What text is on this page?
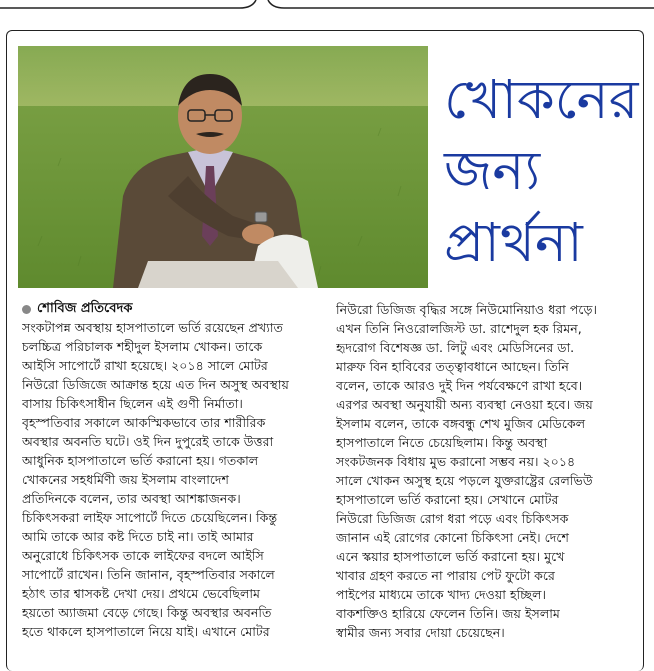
খোকনের
জন্য
প্রার্থনা
শোবিজ প্রতিবেদক
সংকটাপন্ন অবস্থায় হাসপাতালে ভর্তি রয়েছেন প্রখ্যাত
চলচ্চিত্র পরিচালক শহীদুল ইসলাম খোকন। তাকে
আইসি সাপোর্টে রাখা হয়েছে। ২০১৪ সালে মোটর
নিউরো ডিজিজে আক্রান্ত হয়ে এত দিন অসুস্থ অবস্থায়
বাসায় চিকিৎসাধীন ছিলেন এই গুণী নির্মাতা।
বৃহস্পতিবার সকালে আকস্মিকভাবে তার শারীরিক
অবস্থার অবনতি ঘটে। ওই দিন দুপুরেই তাকে উত্তরা
আধুনিক হাসপাতালে ভর্তি করানো হয়। গতকাল
খোকনের সহধর্মিণী জয় ইসলাম বাংলাদেশ
প্রতিদিনকে বলেন, তার অবস্থা আশঙ্কাজনক।
চিকিৎসকরা লাইফ সাপোর্টে দিতে চেয়েছিলেন। কিন্তু
আমি তাকে আর কষ্ট দিতে চাই না। তাই আমার
অনুরোধে চিকিৎসক তাকে লাইফের বদলে আইসি
সাপোর্টে রাখেন। তিনি জানান, বৃহস্পতিবার সকালে
হঠাৎ তার শ্বাসকষ্ট দেখা দেয়। প্রথমে ভেবেছিলাম
হয়তো অ্যাজমা বেড়ে গেছে। কিন্তু অবস্থার অবনতি
হতে থাকলে হাসপাতালে নিয়ে যাই। এখানে মোটর
নিউরো ডিজিজ বৃদ্ধির সঙ্গে নিউমোনিয়াও ধরা পড়ে।
এখন তিনি নিওরোলজিস্ট ডা. রাশেদুল হক রিমন,
হৃদরোগ বিশেষজ্ঞ ডা. লিটু এবং মেডিসিনের ডা.
মারুফ বিন হাবিবের তত্ত্বাবধানে আছেন। তিনি
বলেন, তাকে আরও দুই দিন পর্যবেক্ষণে রাখা হবে।
এরপর অবস্থা অনুযায়ী অন্য ব্যবস্থা নেওয়া হবে। জয়
ইসলাম বলেন, তাকে বঙ্গবন্ধু শেখ মুজিব মেডিকেল
হাসপাতালে নিতে চেয়েছিলাম। কিন্তু অবস্থা
সংকটজনক বিধায় মুভ করানো সম্ভব নয়। ২০১৪
সালে খোকন অসুস্থ হয়ে পড়লে যুক্তরাষ্ট্রের রেলভিউ
হাসপাতালে ভর্তি করানো হয়। সেখানে মোটর
নিউরো ডিজিজ রোগ ধরা পড়ে এবং চিকিৎসক
জানান এই রোগের কোনো চিকিৎসা নেই। দেশে
এনে স্কয়ার হাসপাতালে ভর্তি করানো হয়। মুখে
খাবার গ্রহণ করতে না পারায় পেট ফুটো করে
পাইপের মাধ্যমে তাকে খাদ্য দেওয়া হচ্ছিল।
বাকশক্তিও হারিয়ে ফেলেন তিনি। জয় ইসলাম
স্বামীর জন্য সবার দোয়া চেয়েছেন।
